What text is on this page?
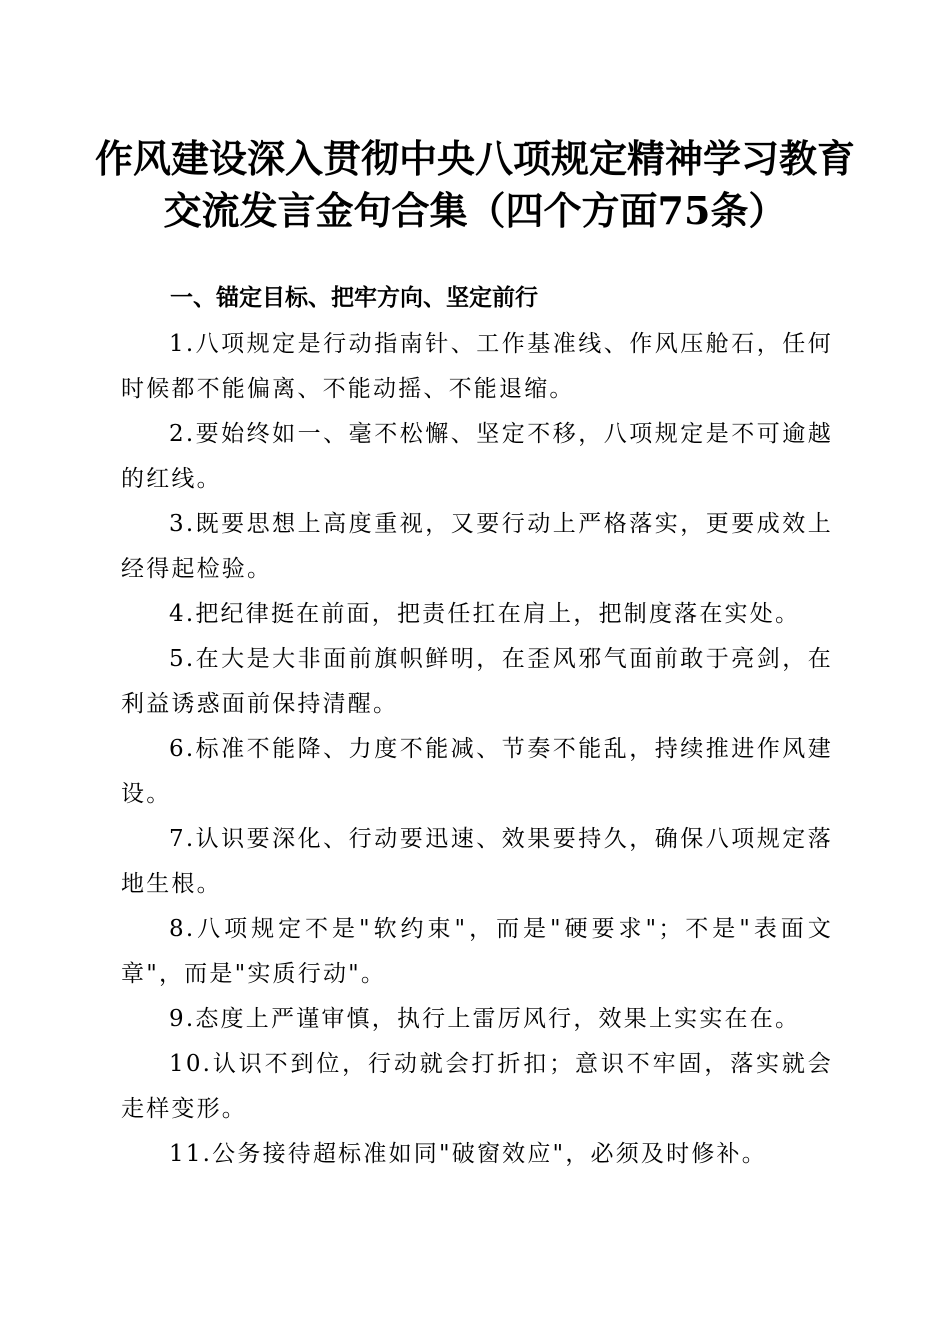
作风建设深入贯彻中央八项规定精神学习教育
交流发言金句合集（四个方面75条）
一、锚定目标、把牢方向、坚定前行

1.八项规定是行动指南针、工作基准线、作风压舱石，任何时候都不能偏离、不能动摇、不能退缩。

2.要始终如一、毫不松懈、坚定不移，八项规定是不可逾越的红线。

3.既要思想上高度重视，又要行动上严格落实，更要成效上经得起检验。

4.把纪律挺在前面，把责任扛在肩上，把制度落在实处。

5.在大是大非面前旗帜鲜明，在歪风邪气面前敢于亮剑，在利益诱惑面前保持清醒。

6.标准不能降、力度不能减、节奏不能乱，持续推进作风建设。

7.认识要深化、行动要迅速、效果要持久，确保八项规定落地生根。

8.八项规定不是"软约束"，而是"硬要求"；不是"表面文章"，而是"实质行动"。

9.态度上严谨审慎，执行上雷厉风行，效果上实实在在。

10.认识不到位，行动就会打折扣；意识不牢固，落实就会走样变形。

11.公务接待超标准如同"破窗效应"，必须及时修补。
